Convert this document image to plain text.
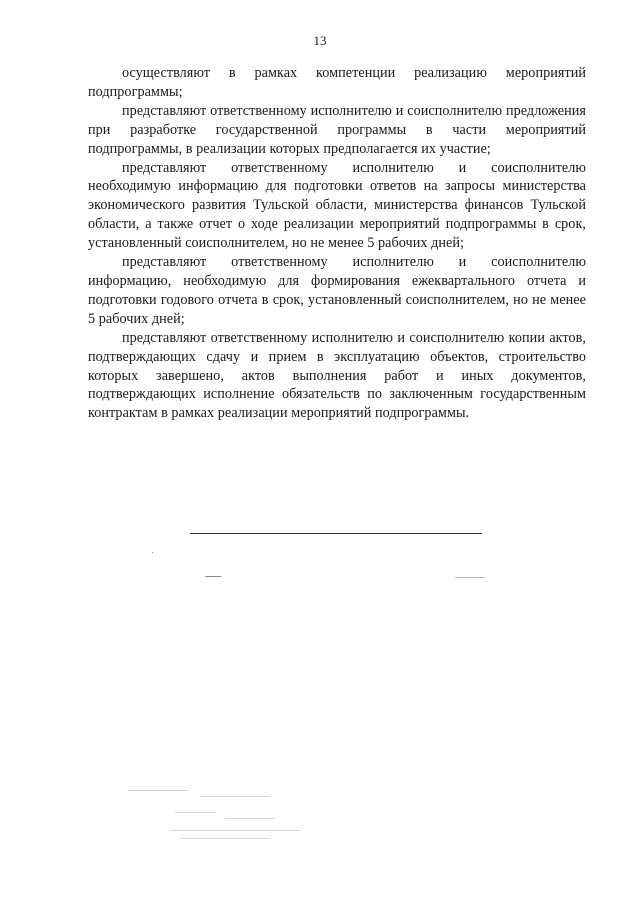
13

осуществляют в рамках компетенции реализацию мероприятий подпрограммы;

представляют ответственному исполнителю и соисполнителю предложения при разработке государственной программы в части мероприятий подпрограммы, в реализации которых предполагается их участие;

представляют ответственному исполнителю и соисполнителю необходимую информацию для подготовки ответов на запросы министерства экономического развития Тульской области, министерства финансов Тульской области, а также отчет о ходе реализации мероприятий подпрограммы в срок, установленный соисполнителем, но не менее 5 рабочих дней;

представляют ответственному исполнителю и соисполнителю информацию, необходимую для формирования ежеквартального отчета и подготовки годового отчета в срок, установленный соисполнителем, но не менее 5 рабочих дней;

представляют ответственному исполнителю и соисполнителю копии актов, подтверждающих сдачу и прием в эксплуатацию объектов, строительство которых завершено, актов выполнения работ и иных документов, подтверждающих исполнение обязательств по заключенным государственным контрактам в рамках реализации мероприятий подпрограммы.
